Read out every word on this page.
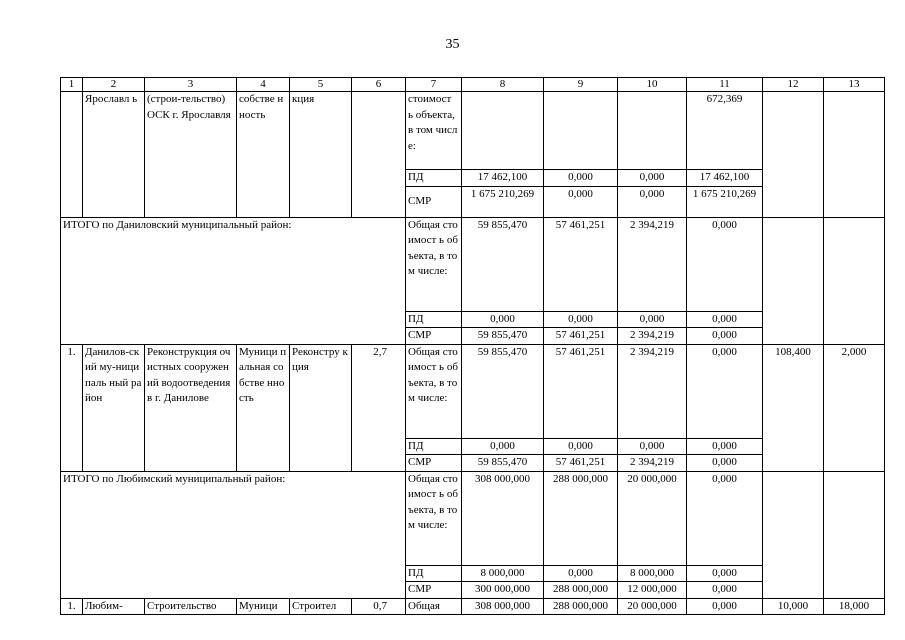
35
1	2	3	4	5	6	7	8	9	10	11	12	13
	Ярославл ь	(строи-тельство) ОСК г. Ярославля	собстве нность	кция		стоимост ь объекта, в том числе:				672,369		
						ПД	17 462,100	0,000	0,000	17 462,100		
						СМР	1 675 210,269	0,000	0,000	1 675 210,269		
ИТОГО по Даниловский муниципальный район:						Общая стоимост ь объекта, в том числе:	59 855,470	57 461,251	2 394,219	0,000		
						ПД	0,000	0,000	0,000	0,000		
						СМР	59 855,470	57 461,251	2 394,219	0,000		
1.	Данилов-ский му-ниципаль ный район	Реконструкция очистных сооружений водоотведения в г. Данилове	Муници пальная собстве нность	Реконстру кция	2,7	Общая стоимост ь объекта, в том числе:	59 855,470	57 461,251	2 394,219	0,000	108,400	2,000
						ПД	0,000	0,000	0,000	0,000		
						СМР	59 855,470	57 461,251	2 394,219	0,000		
ИТОГО по Любимский муниципальный район:						Общая стоимост ь объекта, в том числе:	308 000,000	288 000,000	20 000,000	0,000		
						ПД	8 000,000	0,000	8 000,000	0,000		
						СМР	300 000,000	288 000,000	12 000,000	0,000		
1.	Любим-	Строительство	Муници	Строител	0,7	Общая	308 000,000	288 000,000	20 000,000	0,000	10,000	18,000
